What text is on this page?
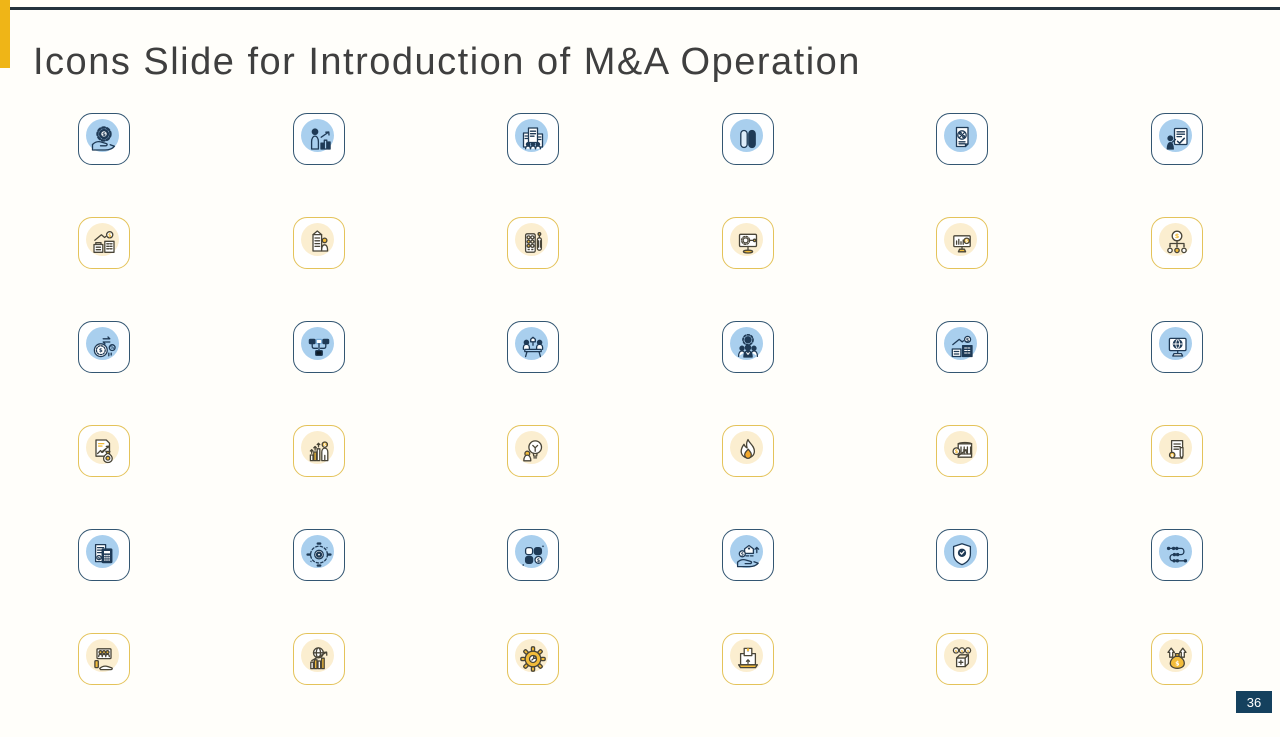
Icons Slide for Introduction of M&A Operation
$
$
$
$
$
%
$
$
$
$
$
$
$
$ $ $
$
36
